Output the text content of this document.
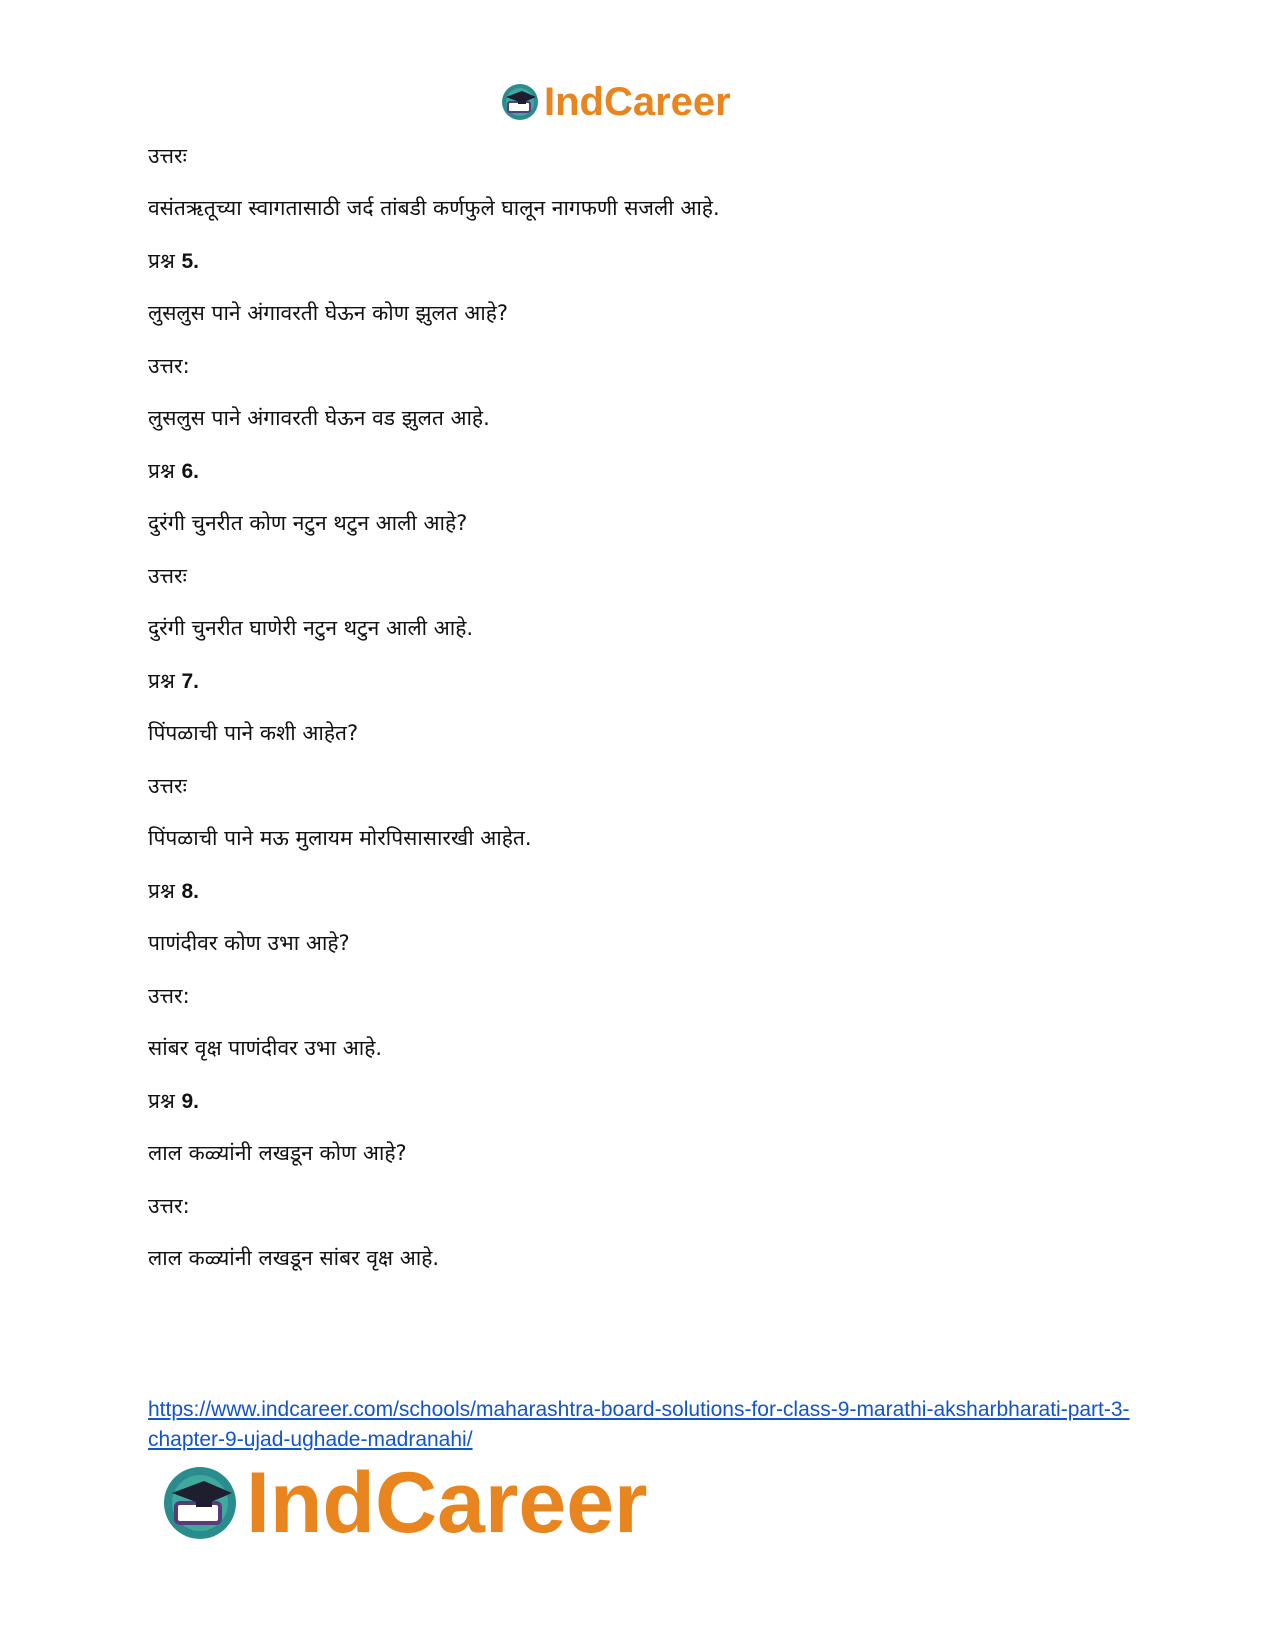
IndCareer
उत्तरः
वसंतऋतूच्या स्वागतासाठी जर्द तांबडी कर्णफुले घालून नागफणी सजली आहे.
प्रश्न 5.
लुसलुस पाने अंगावरती घेऊन कोण झुलत आहे?
उत्तर:
लुसलुस पाने अंगावरती घेऊन वड झुलत आहे.
प्रश्न 6.
दुरंगी चुनरीत कोण नटुन थटुन आली आहे?
उत्तरः
दुरंगी चुनरीत घाणेरी नटुन थटुन आली आहे.
प्रश्न 7.
पिंपळाची पाने कशी आहेत?
उत्तरः
पिंपळाची पाने मऊ मुलायम मोरपिसासारखी आहेत.
प्रश्न 8.
पाणंदीवर कोण उभा आहे?
उत्तर:
सांबर वृक्ष पाणंदीवर उभा आहे.
प्रश्न 9.
लाल कळ्यांनी लखडून कोण आहे?
उत्तर:
लाल कळ्यांनी लखडून सांबर वृक्ष आहे.
https://www.indcareer.com/schools/maharashtra-board-solutions-for-class-9-marathi-aksharbharati-part-3-chapter-9-ujad-ughade-madranahi/
IndCareer
